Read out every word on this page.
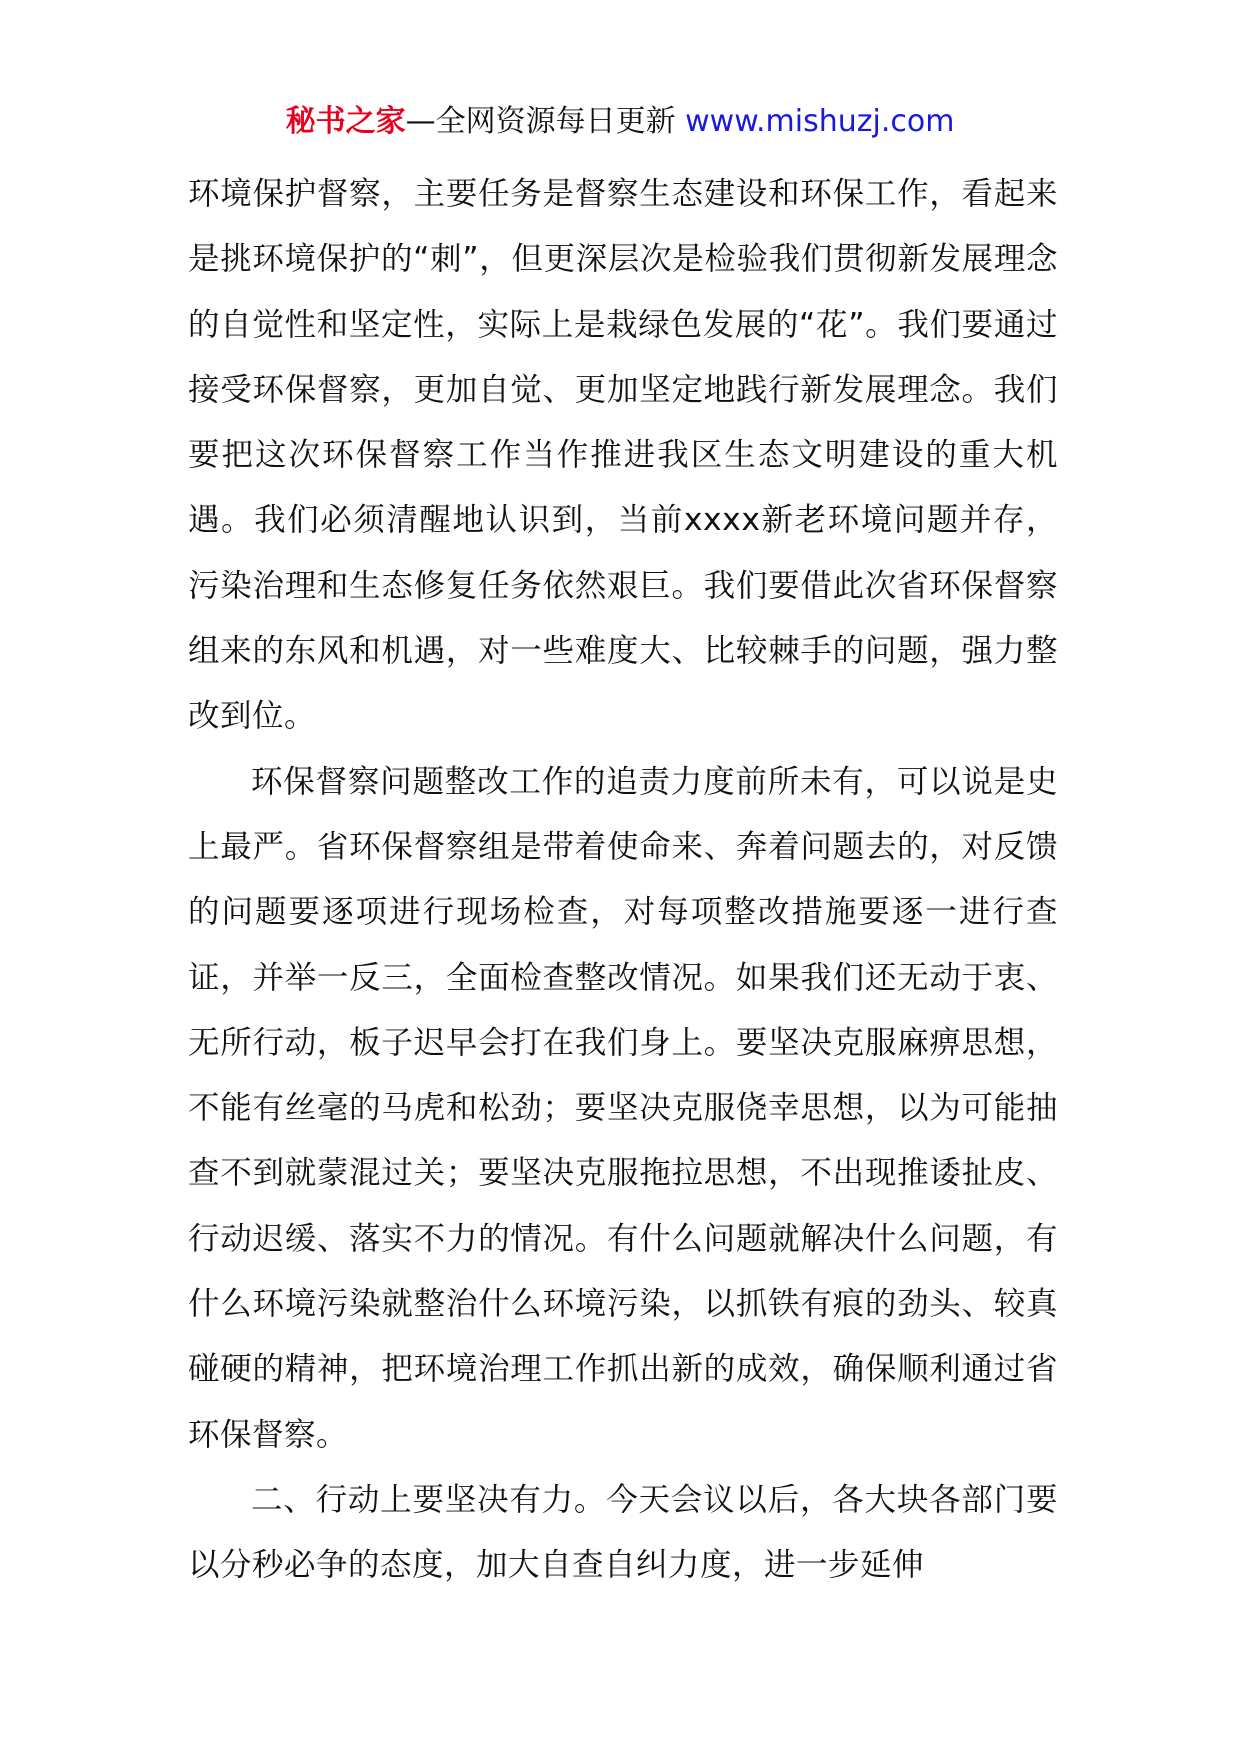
秘书之家—全网资源每日更新 www.mishuzj.com

环境保护督察，主要任务是督察生态建设和环保工作，看起来是挑环境保护的“刺”，但更深层次是检验我们贯彻新发展理念的自觉性和坚定性，实际上是栽绿色发展的“花”。我们要通过接受环保督察，更加自觉、更加坚定地践行新发展理念。我们要把这次环保督察工作当作推进我区生态文明建设的重大机遇。我们必须清醒地认识到，当前xxxx新老环境问题并存，污染治理和生态修复任务依然艰巨。我们要借此次省环保督察组来的东风和机遇，对一些难度大、比较棘手的问题，强力整改到位。

环保督察问题整改工作的追责力度前所未有，可以说是史上最严。省环保督察组是带着使命来、奔着问题去的，对反馈的问题要逐项进行现场检查，对每项整改措施要逐一进行查证，并举一反三，全面检查整改情况。如果我们还无动于衷、无所行动，板子迟早会打在我们身上。要坚决克服麻痹思想，不能有丝毫的马虎和松劲；要坚决克服侥幸思想，以为可能抽查不到就蒙混过关；要坚决克服拖拉思想，不出现推诿扯皮、行动迟缓、落实不力的情况。有什么问题就解决什么问题，有什么环境污染就整治什么环境污染，以抓铁有痕的劲头、较真碰硬的精神，把环境治理工作抓出新的成效，确保顺利通过省环保督察。

二、行动上要坚决有力。今天会议以后，各大块各部门要以分秒必争的态度，加大自查自纠力度，进一步延伸
